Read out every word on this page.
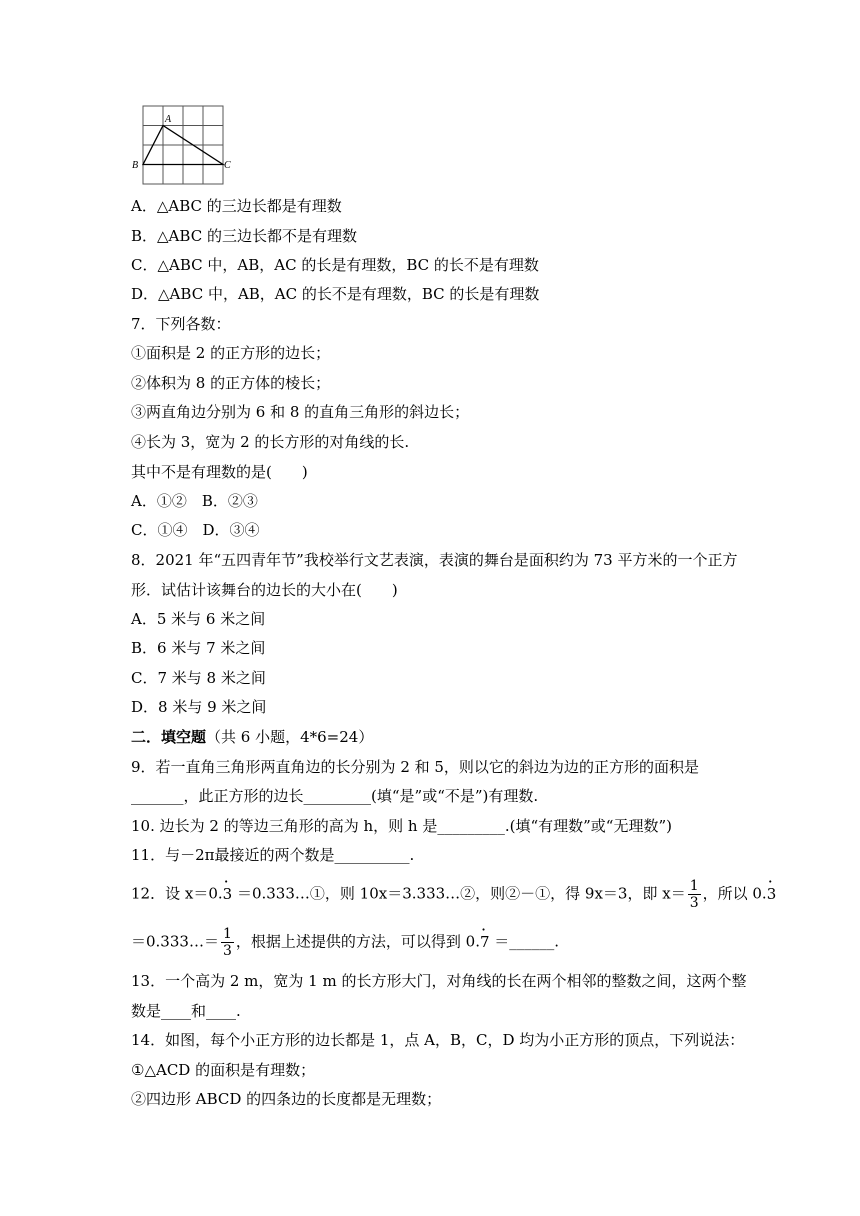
A
B	C
A．△ABC 的三边长都是有理数
B．△ABC 的三边长都不是有理数
C．△ABC 中，AB，AC 的长是有理数，BC 的长不是有理数
D．△ABC 中，AB，AC 的长不是有理数，BC 的长是有理数
7．下列各数：
①面积是 2 的正方形的边长；
②体积为 8 的正方体的棱长；
③两直角边分别为 6 和 8 的直角三角形的斜边长；
④长为 3，宽为 2 的长方形的对角线的长.
其中不是有理数的是(　　)
A．①②　B．②③
C．①④　D．③④
8．2021 年“五四青年节”我校举行文艺表演，表演的舞台是面积约为 73 平方米的一个正方
形．试估计该舞台的边长的大小在(　　)
A．5 米与 6 米之间
B．6 米与 7 米之间
C．7 米与 8 米之间
D．8 米与 9 米之间
二．填空题（共 6 小题，4*6=24）
9．若一直角三角形两直角边的长分别为 2 和 5，则以它的斜边为边的正方形的面积是
_______，此正方形的边长_________(填“是”或“不是”)有理数.
10. 边长为 2 的等边三角形的高为 h，则 h 是_________.(填“有理数”或“无理数”)
11．与－2π最接近的两个数是__________.
12．设 x＝0.3 · ＝0.333…①，则 10x＝3.333…②，则②－①，得 9x＝3，即 $x= \frac{1}{3}$ ，所以 0.3 ·
＝0.333…＝ $\frac{1}{3}$ ，根据上述提供的方法，可以得到 0.7 · ＝______.
13．一个高为 2 m，宽为 1 m 的长方形大门，对角线的长在两个相邻的整数之间，这两个整
数是____和____.
14．如图，每个小正方形的边长都是 1，点 A，B，C，D 均为小正方形的顶点，下列说法：
①△ACD 的面积是有理数；
②四边形 ABCD 的四条边的长度都是无理数；
